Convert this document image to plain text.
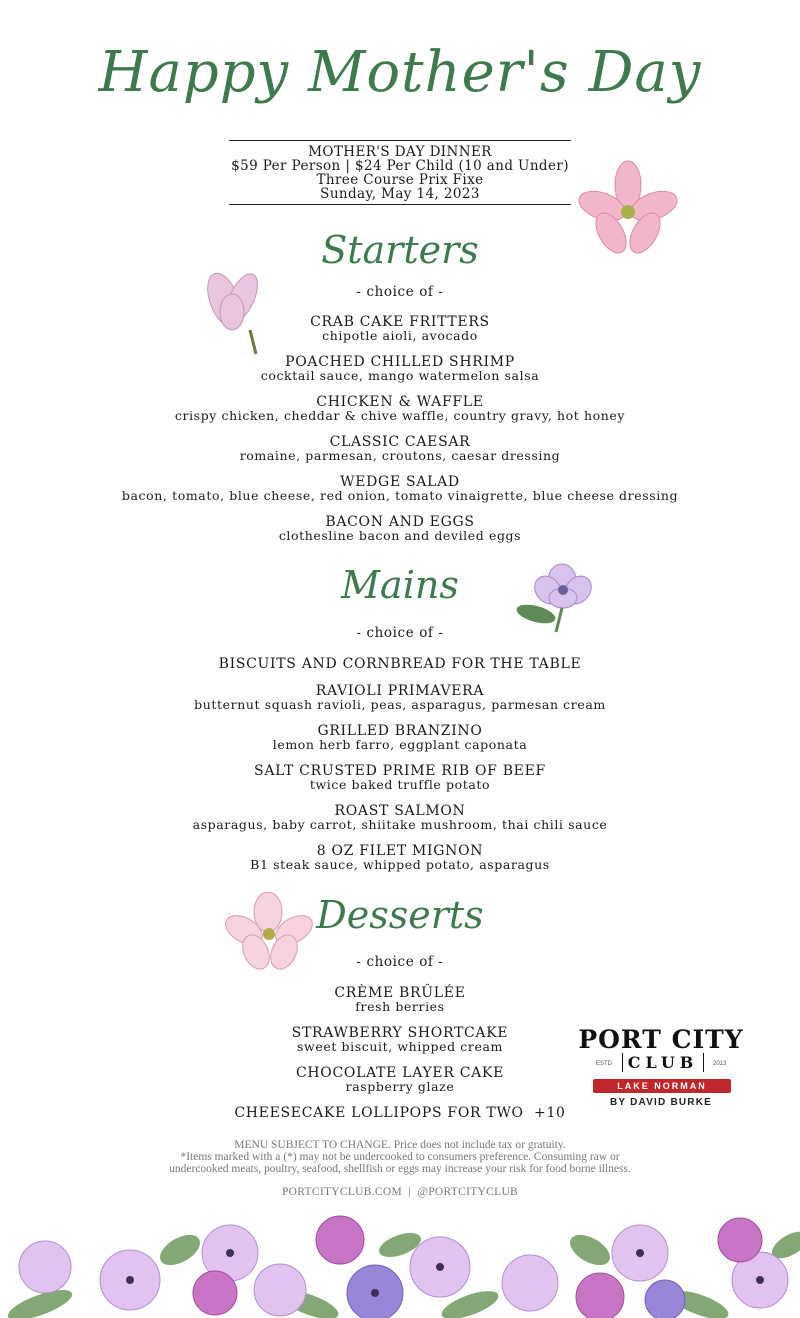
Happy Mother's Day
MOTHER'S DAY DINNER
$59 Per Person | $24 Per Child (10 and Under)
Three Course Prix Fixe
Sunday, May 14, 2023
Starters
- choice of -
CRAB CAKE FRITTERS
chipotle aioli, avocado
POACHED CHILLED SHRIMP
cocktail sauce, mango watermelon salsa
CHICKEN & WAFFLE
crispy chicken, cheddar & chive waffle, country gravy, hot honey
CLASSIC CAESAR
romaine, parmesan, croutons, caesar dressing
WEDGE SALAD
bacon, tomato, blue cheese, red onion, tomato vinaigrette, blue cheese dressing
BACON AND EGGS
clothesline bacon and deviled eggs
Mains
- choice of -
BISCUITS AND CORNBREAD FOR THE TABLE
RAVIOLI PRIMAVERA
butternut squash ravioli, peas, asparagus, parmesan cream
GRILLED BRANZINO
lemon herb farro, eggplant caponata
SALT CRUSTED PRIME RIB OF BEEF
twice baked truffle potato
ROAST SALMON
asparagus, baby carrot, shiitake mushroom, thai chili sauce
8 OZ FILET MIGNON
B1 steak sauce, whipped potato, asparagus
Desserts
- choice of -
CRÈME BRÛLÉE
fresh berries
STRAWBERRY SHORTCAKE
sweet biscuit, whipped cream
CHOCOLATE LAYER CAKE
raspberry glaze
CHEESECAKE LOLLIPOPS FOR TWO  +10
PORT CITY
ESTD CLUB	2013
LAKE NORMAN
BY DAVID BURKE
MENU SUBJECT TO CHANGE. Price does not include tax or gratuity.
*Items marked with a (*) may not be undercooked to consumers preference. Consuming raw or
undercooked meats, poultry, seafood, shellfish or eggs may increase your risk for food borne illness.
PORTCITYCLUB.COM  |  @PORTCITYCLUB
